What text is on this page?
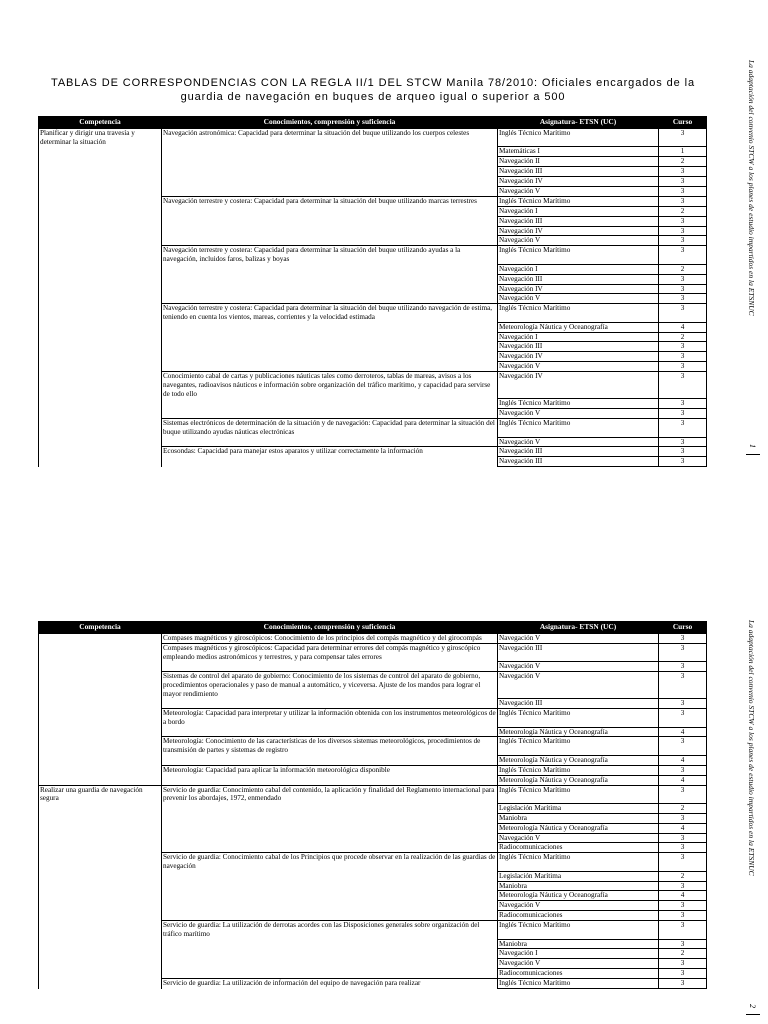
TABLAS DE CORRESPONDENCIAS CON LA REGLA II/1 DEL STCW Manila 78/2010: Oficiales encargados de la guardia de navegación en buques de arqueo igual o superior a 500
Competencia	Conocimientos, comprensión y suficiencia	Asignatura- ETSN (UC)	Curso
Planificar y dirigir una travesía y determinar la situación	Navegación astronómica: Capacidad para determinar la situación del buque utilizando los cuerpos celestes	Inglés Técnico Marítimo	3
		Matemáticas I	1
		Navegación II	2
		Navegación III	3
		Navegación IV	3
		Navegación V	3
	Navegación terrestre y costera: Capacidad para determinar la situación del buque utilizando marcas terrestres	Inglés Técnico Marítimo	3
		Navegación I	2
		Navegación III	3
		Navegación IV	3
		Navegación V	3
	Navegación terrestre y costera: Capacidad para determinar la situación del buque utilizando ayudas a la navegación, incluidos faros, balizas y boyas	Inglés Técnico Marítimo	3
		Navegación I	2
		Navegación III	3
		Navegación IV	3
		Navegación V	3
	Navegación terrestre y costera: Capacidad para determinar la situación del buque utilizando navegación de estima, teniendo en cuenta los vientos, mareas, corrientes y la velocidad estimada	Inglés Técnico Marítimo	3
		Meteorología Náutica y Oceanografía	4
		Navegación I	2
		Navegación III	3
		Navegación IV	3
		Navegación V	3
	Conocimiento cabal de cartas y publicaciones náuticas tales como derroteros, tablas de mareas, avisos a los navegantes, radioavisos náuticos e información sobre organización del tráfico marítimo, y capacidad para servirse de todo ello	Navegación IV	3
		Inglés Técnico Marítimo	3
		Navegación V	3
	Sistemas electrónicos de determinación de la situación y de navegación: Capacidad para determinar la situación del buque utilizando ayudas náuticas electrónicas	Inglés Técnico Marítimo	3
		Navegación V	3
	Ecosondas: Capacidad para manejar estos aparatos y utilizar correctamente la información	Navegación III	3
		Navegación III	3
La adaptación del convenio STCW a los planes de estudio impartidos en la ETSNUC
1
Competencia	Conocimientos, comprensión y suficiencia	Asignatura- ETSN (UC)	Curso
	Compases magnéticos y giroscópicos: Conocimiento de los principios del compás magnético y del girocompás	Navegación V	3
	Compases magnéticos y giroscópicos: Capacidad para determinar errores del compás magnético y giroscópico empleando medios astronómicos y terrestres, y para compensar tales errores	Navegación III	3
		Navegación V	3
	Sistemas de control del aparato de gobierno: Conocimiento de los sistemas de control del aparato de gobierno, procedimientos operacionales y paso de manual a automático, y viceversa. Ajuste de los mandos para lograr el mayor rendimiento	Navegación V	3
		Navegación III	3
	Meteorología: Capacidad para interpretar y utilizar la información obtenida con los instrumentos meteorológicos de a bordo	Inglés Técnico Marítimo	3
		Meteorología Náutica y Oceanografía	4
	Meteorología: Conocimiento de las características de los diversos sistemas meteorológicos, procedimientos de transmisión de partes y sistemas de registro	Inglés Técnico Marítimo	3
		Meteorología Náutica y Oceanografía	4
	Meteorología: Capacidad para aplicar la información meteorológica disponible	Inglés Técnico Marítimo	3
		Meteorología Náutica y Oceanografía	4
Realizar una guardia de navegación segura	Servicio de guardia: Conocimiento cabal del contenido, la aplicación y finalidad del Reglamento internacional para prevenir los abordajes, 1972, enmendado	Inglés Técnico Marítimo	3
		Legislación Marítima	2
		Maniobra	3
		Meteorología Náutica y Oceanografía	4
		Navegación V	3
		Radiocomunicaciones	3
	Servicio de guardia: Conocimiento cabal de los Principios que procede observar en la realización de las guardias de navegación	Inglés Técnico Marítimo	3
		Legislación Marítima	2
		Maniobra	3
		Meteorología Náutica y Oceanografía	4
		Navegación V	3
		Radiocomunicaciones	3
	Servicio de guardia: La utilización de derrotas acordes con las Disposiciones generales sobre organización del tráfico marítimo	Inglés Técnico Marítimo	3
		Maniobra	3
		Navegación I	2
		Navegación V	3
		Radiocomunicaciones	3
	Servicio de guardia: La utilización de información del equipo de navegación para realizar	Inglés Técnico Marítimo	3
La adaptación del convenio STCW a los planes de estudio impartidos en la ETSNUC
2
